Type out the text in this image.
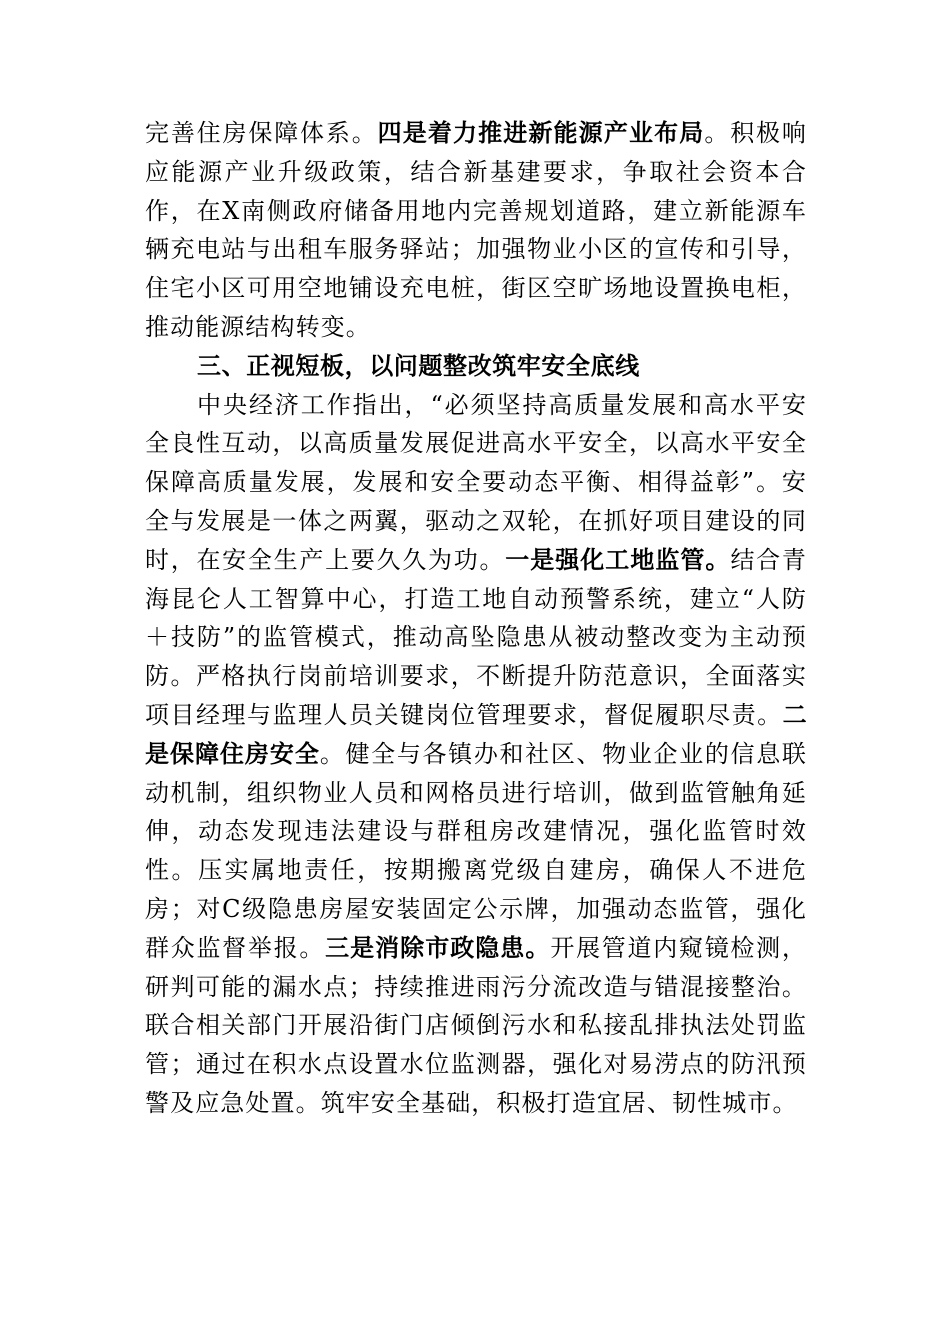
完善住房保障体系。四是着力推进新能源产业布局。积极响应能源产业升级政策，结合新基建要求，争取社会资本合作，在X南侧政府储备用地内完善规划道路，建立新能源车辆充电站与出租车服务驿站；加强物业小区的宣传和引导，住宅小区可用空地铺设充电桩，街区空旷场地设置换电柜，推动能源结构转变。

三、正视短板，以问题整改筑牢安全底线

中央经济工作指出，“必须坚持高质量发展和高水平安全良性互动，以高质量发展促进高水平安全，以高水平安全保障高质量发展，发展和安全要动态平衡、相得益彰”。安全与发展是一体之两翼，驱动之双轮，在抓好项目建设的同时，在安全生产上要久久为功。一是强化工地监管。结合青海昆仑人工智算中心，打造工地自动预警系统，建立“人防＋技防”的监管模式，推动高坠隐患从被动整改变为主动预防。严格执行岗前培训要求，不断提升防范意识，全面落实项目经理与监理人员关键岗位管理要求，督促履职尽责。二是保障住房安全。健全与各镇办和社区、物业企业的信息联动机制，组织物业人员和网格员进行培训，做到监管触角延伸，动态发现违法建设与群租房改建情况，强化监管时效性。压实属地责任，按期搬离党级自建房，确保人不进危房；对C级隐患房屋安装固定公示牌，加强动态监管，强化群众监督举报。三是消除市政隐患。开展管道内窥镜检测，研判可能的漏水点；持续推进雨污分流改造与错混接整治。联合相关部门开展沿街门店倾倒污水和私接乱排执法处罚监管；通过在积水点设置水位监测器，强化对易涝点的防汛预警及应急处置。筑牢安全基础，积极打造宜居、韧性城市。
